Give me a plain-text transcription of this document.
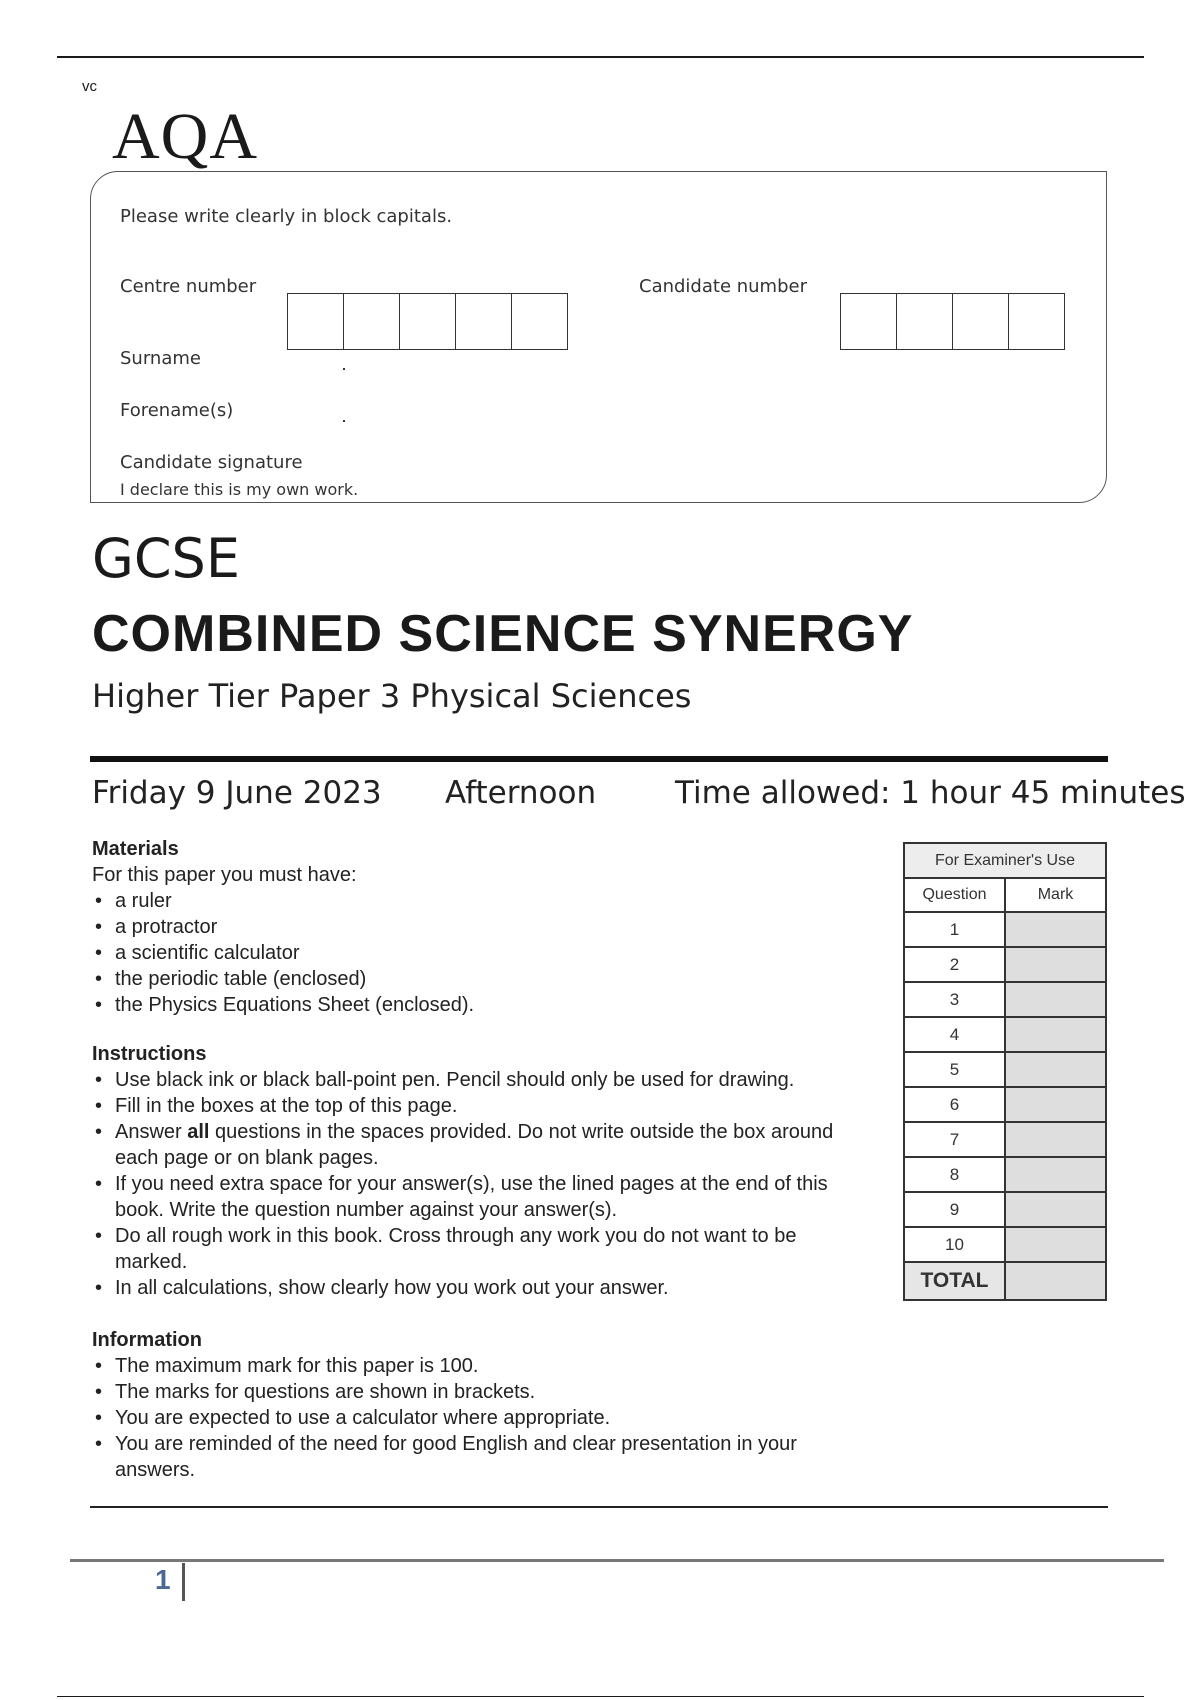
vc
AQA
Please write clearly in block capitals.
Centre number	Candidate number
Surname
Forename(s)
Candidate signature
I declare this is my own work.
GCSE
COMBINED SCIENCE SYNERGY
Higher Tier Paper 3 Physical Sciences
Friday 9 June 2023 Afternoon	Time allowed: 1 hour 45 minutes
Materials

For this paper you must have:

• a ruler
• a protractor
• a scientific calculator
• the periodic table (enclosed)
• the Physics Equations Sheet (enclosed).
Instructions
• Use black ink or black ball-point pen. Pencil should only be used for drawing.
• Fill in the boxes at the top of this page.
• Answer all questions in the spaces provided. Do not write outside the box around each page or on blank pages.
• If you need extra space for your answer(s), use the lined pages at the end of this book. Write the question number against your answer(s).
• Do all rough work in this book. Cross through any work you do not want to be marked.
• In all calculations, show clearly how you work out your answer.
Information
• The maximum mark for this paper is 100.
• The marks for questions are shown in brackets.
• You are expected to use a calculator where appropriate.
• You are reminded of the need for good English and clear presentation in your answers.
For Examiner's Use	
Question	Mark
1	
2	
3	
4	
5	
6	
7	
8	
9	
10	
TOTAL	
1
